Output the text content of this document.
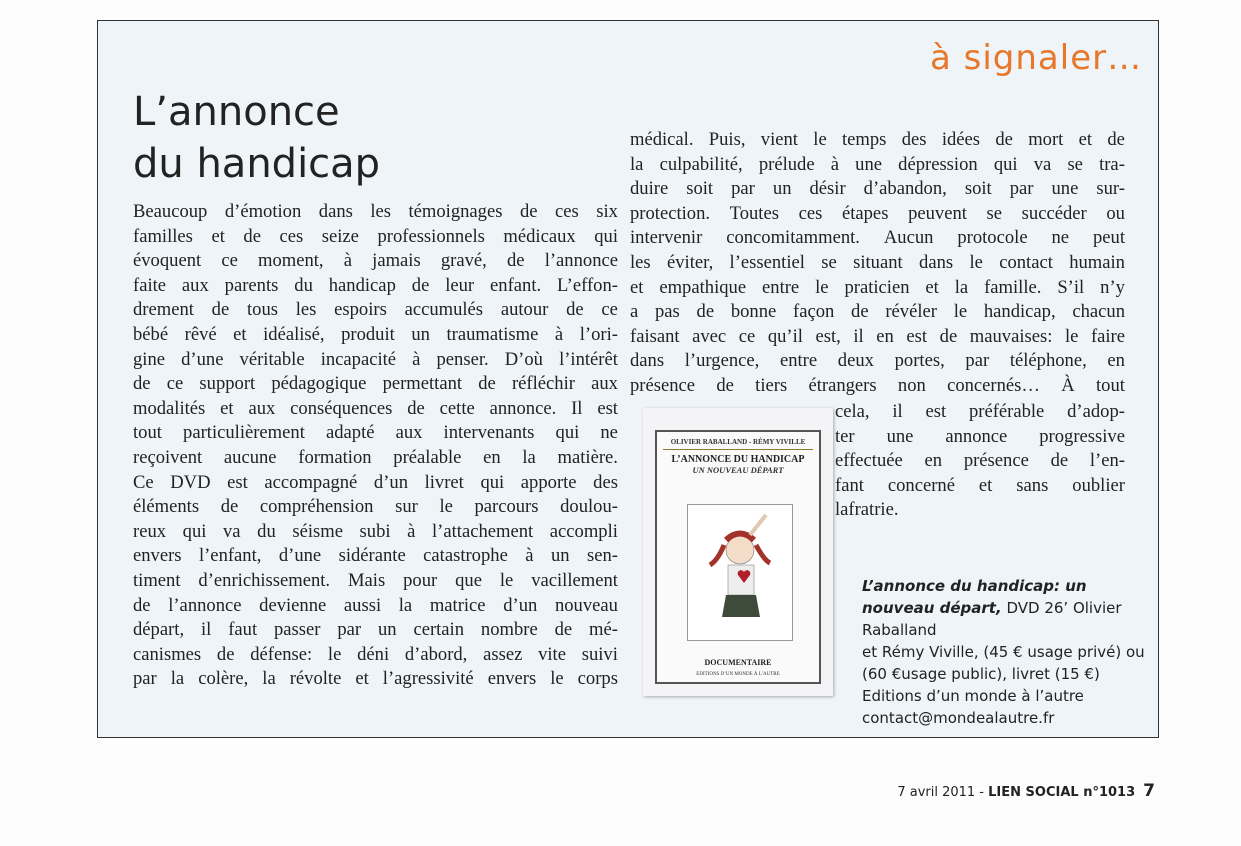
à signaler…
L’annonce
du handicap
Beaucoup d’émotion dans les témoignages de ces six
familles et de ces seize professionnels médicaux qui
évoquent ce moment, à jamais gravé, de l’annonce
faite aux parents du handicap de leur enfant. L’effon-
drement de tous les espoirs accumulés autour de ce
bébé rêvé et idéalisé, produit un traumatisme à l’ori-
gine d’une véritable incapacité à penser. D’où l’intérêt
de ce support pédagogique permettant de réfléchir aux
modalités et aux conséquences de cette annonce. Il est
tout particulièrement adapté aux intervenants qui ne
reçoivent aucune formation préalable en la matière.
Ce DVD est accompagné d’un livret qui apporte des
éléments de compréhension sur le parcours doulou-
reux qui va du séisme subi à l’attachement accompli
envers l’enfant, d’une sidérante catastrophe à un sen-
timent d’enrichissement. Mais pour que le vacillement
de l’annonce devienne aussi la matrice d’un nouveau
départ, il faut passer par un certain nombre de mé-
canismes de défense: le déni d’abord, assez vite suivi
par la colère, la révolte et l’agressivité envers le corps
médical. Puis, vient le temps des idées de mort et de
la culpabilité, prélude à une dépression qui va se tra-
duire soit par un désir d’abandon, soit par une sur-
protection. Toutes ces étapes peuvent se succéder ou
intervenir concomitamment. Aucun protocole ne peut
les éviter, l’essentiel se situant dans le contact humain
et empathique entre le praticien et la famille. S’il n’y
a pas de bonne façon de révéler le handicap, chacun
faisant avec ce qu’il est, il en est de mauvaises: le faire
dans l’urgence, entre deux portes, par téléphone, en
présence de tiers étrangers non concernés… À tout
cela, il est préférable d’adop-
ter une annonce progressive
effectuée en présence de l’en-
fant concerné et sans oublier
la fratrie.
OLIVIER RABALLAND - RÉMY VIVILLE
L’ANNONCE DU HANDICAP
UN NOUVEAU DÉPART
DOCUMENTAIRE
EDITIONS D’UN MONDE À L’AUTRE
L’annonce du handicap: un nouveau départ, DVD 26’ Olivier Raballand
et Rémy Viville, (45 € usage privé) ou
(60 €usage public), livret (15 €)
Editions d’un monde à l’autre
contact@mondealautre.fr
7 avril 2011 - LIEN SOCIAL n°1013 7
